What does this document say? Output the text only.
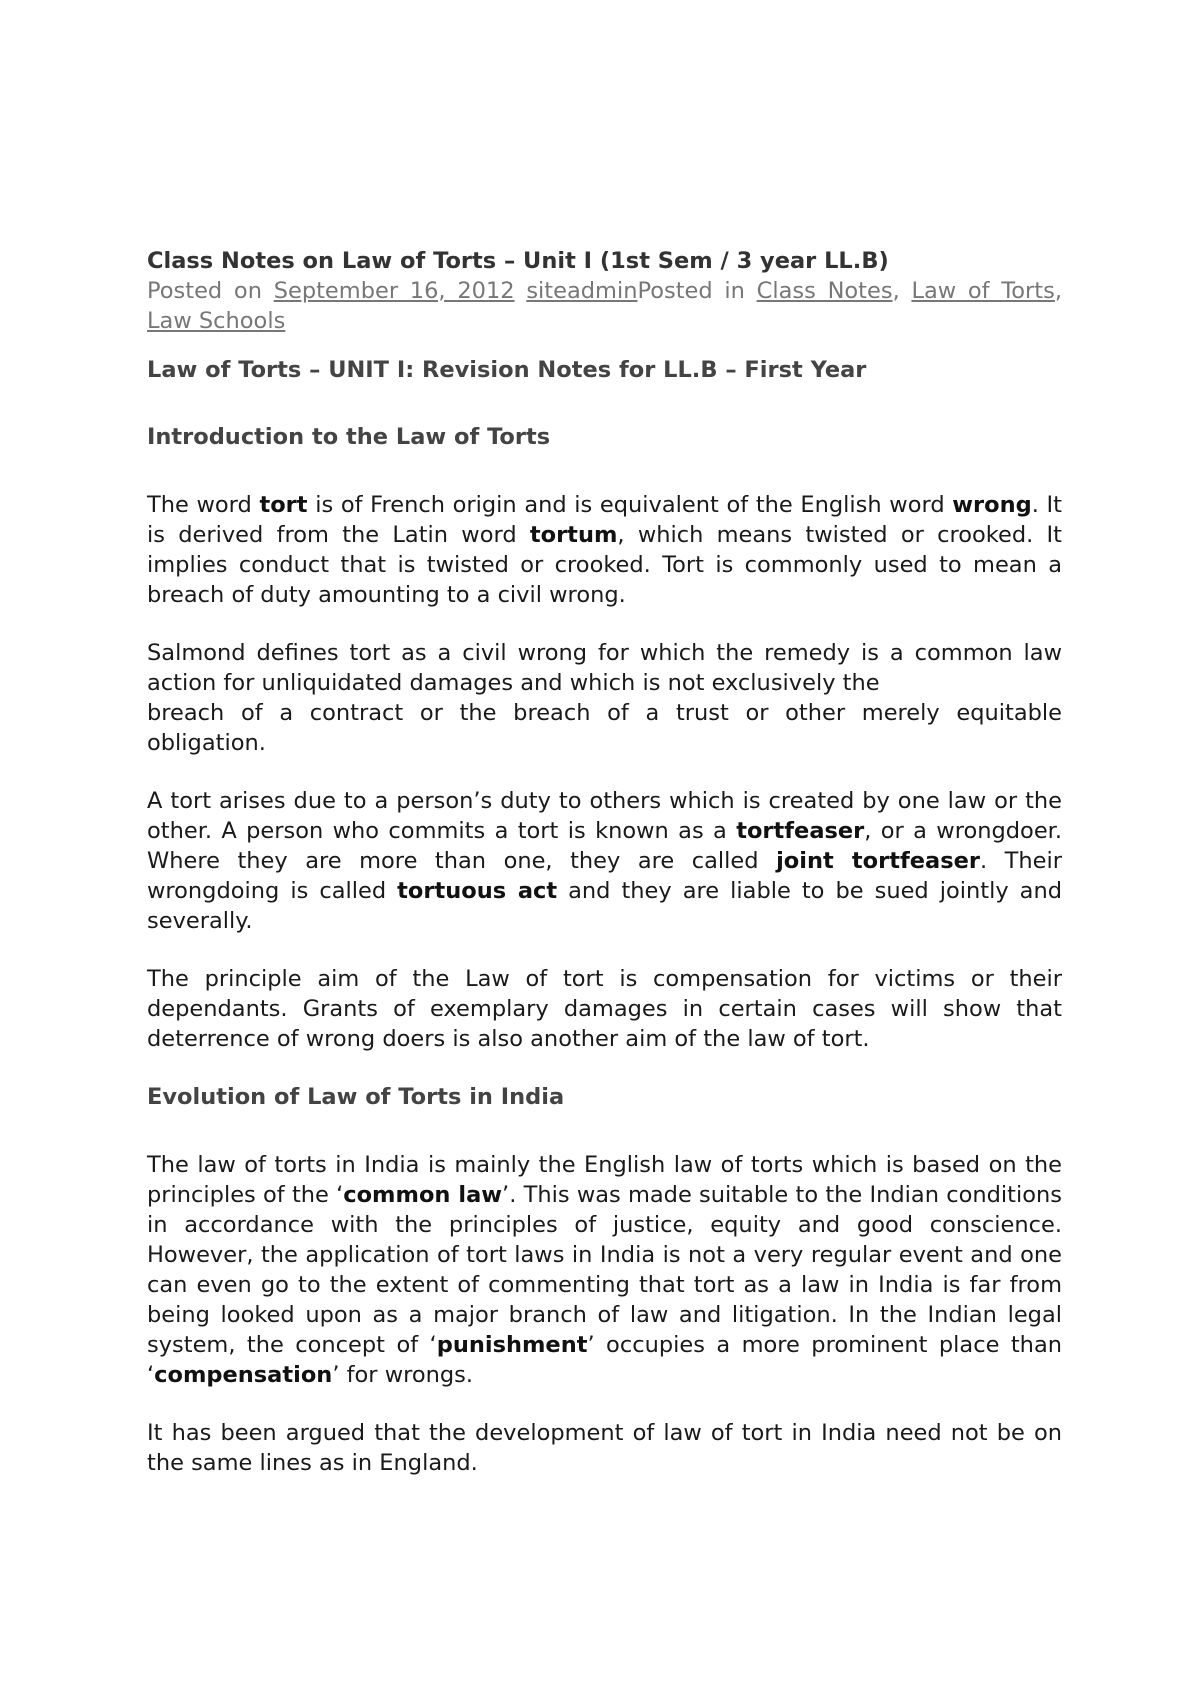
Class Notes on Law of Torts – Unit I (1st Sem / 3 year LL.B)

Posted on September 16, 2012 siteadminPosted in Class Notes, Law of Torts, Law Schools

Law of Torts – UNIT I: Revision Notes for LL.B – First Year

Introduction to the Law of Torts

The word tort is of French origin and is equivalent of the English word wrong. It is derived from the Latin word tortum, which means twisted or crooked. It implies conduct that is twisted or crooked. Tort is commonly used to mean a breach of duty amounting to a civil wrong.

Salmond defines tort as a civil wrong for which the remedy is a common law action for unliquidated damages and which is not exclusively the

breach of a contract or the breach of a trust or other merely equitable obligation.

A tort arises due to a person’s duty to others which is created by one law or the other. A person who commits a tort is known as a tortfeaser, or a wrongdoer. Where they are more than one, they are called joint tortfeaser. Their wrongdoing is called tortuous act and they are liable to be sued jointly and severally.

The principle aim of the Law of tort is compensation for victims or their dependants. Grants of exemplary damages in certain cases will show that deterrence of wrong doers is also another aim of the law of tort.

Evolution of Law of Torts in India

The law of torts in India is mainly the English law of torts which is based on the principles of the ‘common law’. This was made suitable to the Indian conditions in accordance with the principles of justice, equity and good conscience. However, the application of tort laws in India is not a very regular event and one can even go to the extent of commenting that tort as a law in India is far from being looked upon as a major branch of law and litigation. In the Indian legal system, the concept of ‘punishment’ occupies a more prominent place than ‘compensation’ for wrongs.

It has been argued that the development of law of tort in India need not be on the same lines as in England.
